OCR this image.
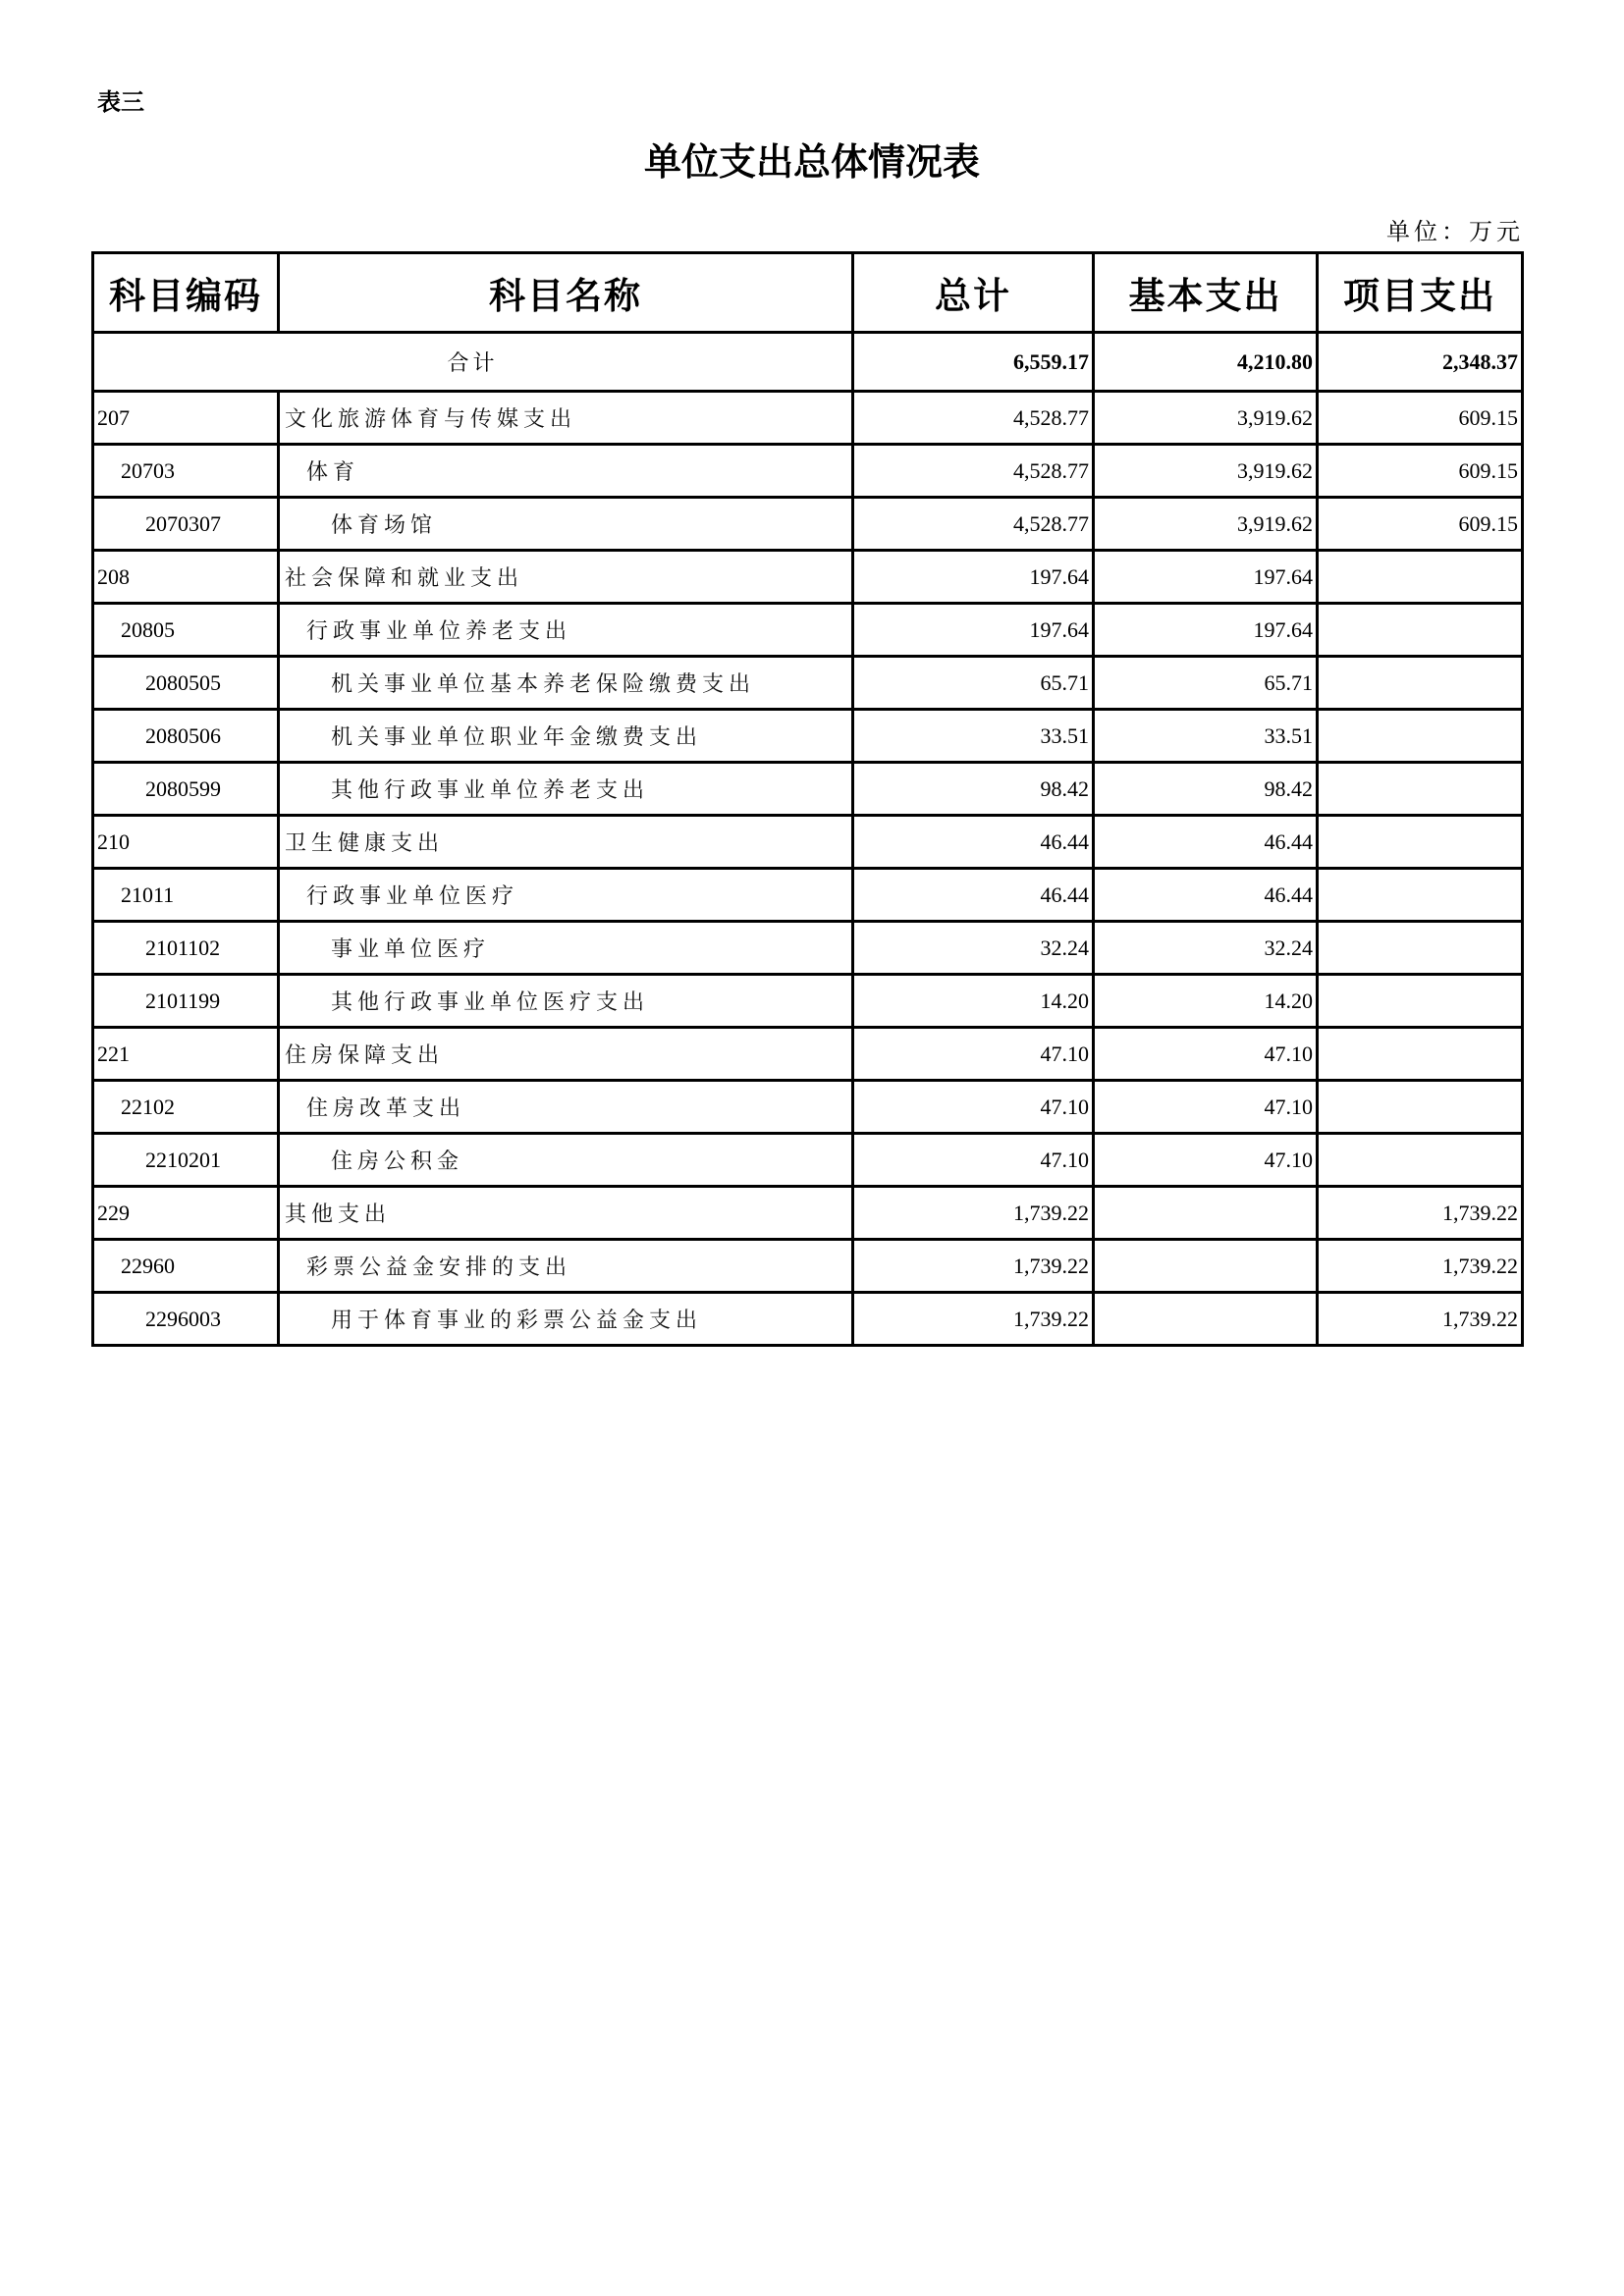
表三
单位支出总体情况表
单位：万元
科目编码	科目名称	总计	基本支出	项目支出
合计		6,559.17	4,210.80	2,348.37
207	文化旅游体育与传媒支出	4,528.77	3,919.62	609.15
20703	体育	4,528.77	3,919.62	609.15
2070307	体育场馆	4,528.77	3,919.62	609.15
208	社会保障和就业支出	197.64	197.64	
20805	行政事业单位养老支出	197.64	197.64	
2080505	机关事业单位基本养老保险缴费支出	65.71	65.71	
2080506	机关事业单位职业年金缴费支出	33.51	33.51	
2080599	其他行政事业单位养老支出	98.42	98.42	
210	卫生健康支出	46.44	46.44	
21011	行政事业单位医疗	46.44	46.44	
2101102	事业单位医疗	32.24	32.24	
2101199	其他行政事业单位医疗支出	14.20	14.20	
221	住房保障支出	47.10	47.10	
22102	住房改革支出	47.10	47.10	
2210201	住房公积金	47.10	47.10	
229	其他支出	1,739.22		1,739.22
22960	彩票公益金安排的支出	1,739.22		1,739.22
2296003	用于体育事业的彩票公益金支出	1,739.22		1,739.22
